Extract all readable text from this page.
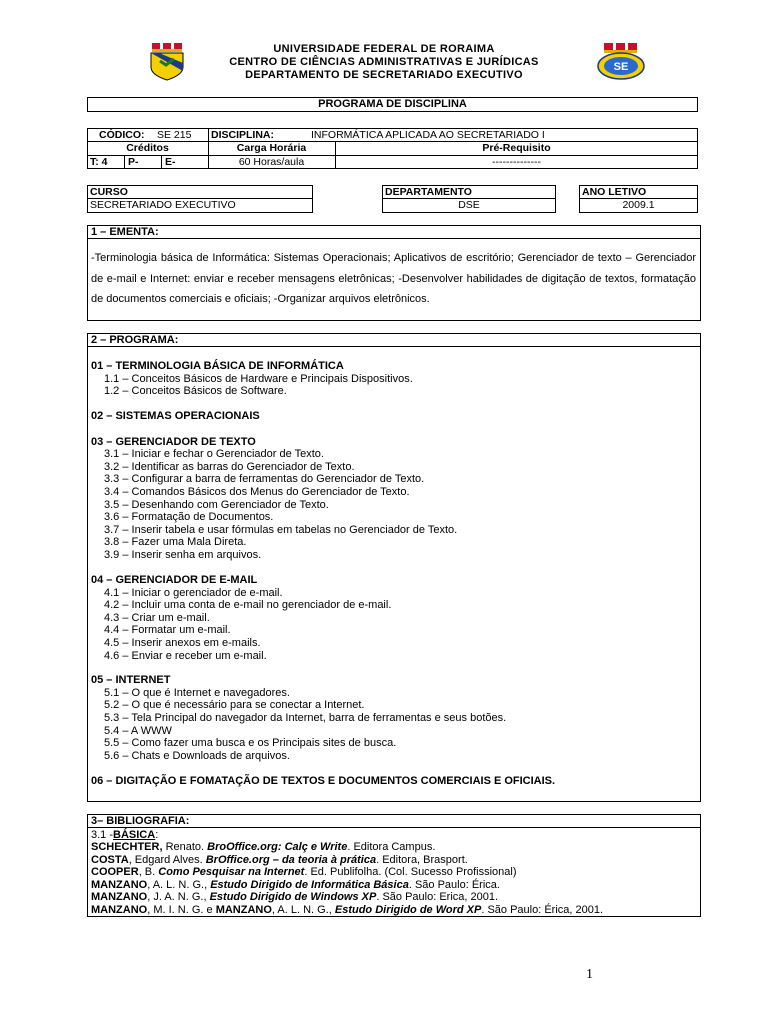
SE
UNIVERSIDADE FEDERAL DE RORAIMA
CENTRO DE CIÊNCIAS ADMINISTRATIVAS E JURÍDICAS
DEPARTAMENTO DE SECRETARIADO EXECUTIVO
PROGRAMA DE DISCIPLINA
CÓDICO: SE 215 DISCIPLINA:	INFORMÁTICA APLICADA AO SECRETARIADO I
Créditos	Carga Horária	Pré-Requisito
T: 4 P-	E-	60 Horas/aula	--------------
CURSO
SECRETARIADO EXECUTIVO
DEPARTAMENTO
DSE
ANO LETIVO
2009.1
1 – EMENTA:
-Terminologia básica de Informática: Sistemas Operacionais; Aplicativos de escritório; Gerenciador de texto – Gerenciador de e-mail e Internet: enviar e receber mensagens eletrônicas; -Desenvolver habilidades de digitação de textos, formatação de documentos comerciais e oficiais; -Organizar arquivos eletrônicos.
2 – PROGRAMA:
01 – TERMINOLOGIA BÁSICA DE INFORMÁTICA
1.1 – Conceitos Básicos de Hardware e Principais Dispositivos.
1.2 – Conceitos Básicos de Software.
02 – SISTEMAS OPERACIONAIS
03 – GERENCIADOR DE TEXTO
3.1 – Iniciar e fechar o Gerenciador de Texto.
3.2 – Identificar as barras do Gerenciador de Texto.
3.3 – Configurar a barra de ferramentas do Gerenciador de Texto.
3.4 – Comandos Básicos dos Menus do Gerenciador de Texto.
3.5 – Desenhando com Gerenciador de Texto.
3.6 – Formatação de Documentos.
3.7 – Inserir tabela e usar fórmulas em tabelas no Gerenciador de Texto.
3.8 – Fazer uma Mala Direta.
3.9 – Inserir senha em arquivos.
04 – GERENCIADOR DE E-MAIL
4.1 – Iniciar o gerenciador de e-mail.
4.2 – Incluir uma conta de e-mail no gerenciador de e-mail.
4.3 – Criar um e-mail.
4.4 – Formatar um e-mail.
4.5 – Inserir anexos em e-mails.
4.6 – Enviar e receber um e-mail.
05 – INTERNET
5.1 – O que é Internet e navegadores.
5.2 – O que é necessário para se conectar a Internet.
5.3 – Tela Principal do navegador da Internet, barra de ferramentas e seus botões.
5.4 – A WWW
5.5 – Como fazer uma busca e os Principais sites de busca.
5.6 – Chats e Downloads de arquivos.
06 – DIGITAÇÃO E FOMATAÇÃO DE TEXTOS E DOCUMENTOS COMERCIAIS E OFICIAIS.
3– BIBLIOGRAFIA:
3.1 -BÁSICA:
SCHECHTER, Renato. BroOffice.org: Calç e Write. Editora Campus.
COSTA, Edgard Alves. BrOffice.org – da teoria à prática. Editora, Brasport.
COOPER, B. Como Pesquisar na Internet. Ed. Publifolha. (Col. Sucesso Profissional)
MANZANO, A. L. N. G., Estudo Dirigido de Informática Básica. São Paulo: Érica.
MANZANO, J. A. N. G., Estudo Dirigido de Windows XP. São Paulo: Erica, 2001.
MANZANO, M. I. N. G. e MANZANO, A. L. N. G., Estudo Dirigido de Word XP. São Paulo: Érica, 2001.
1
